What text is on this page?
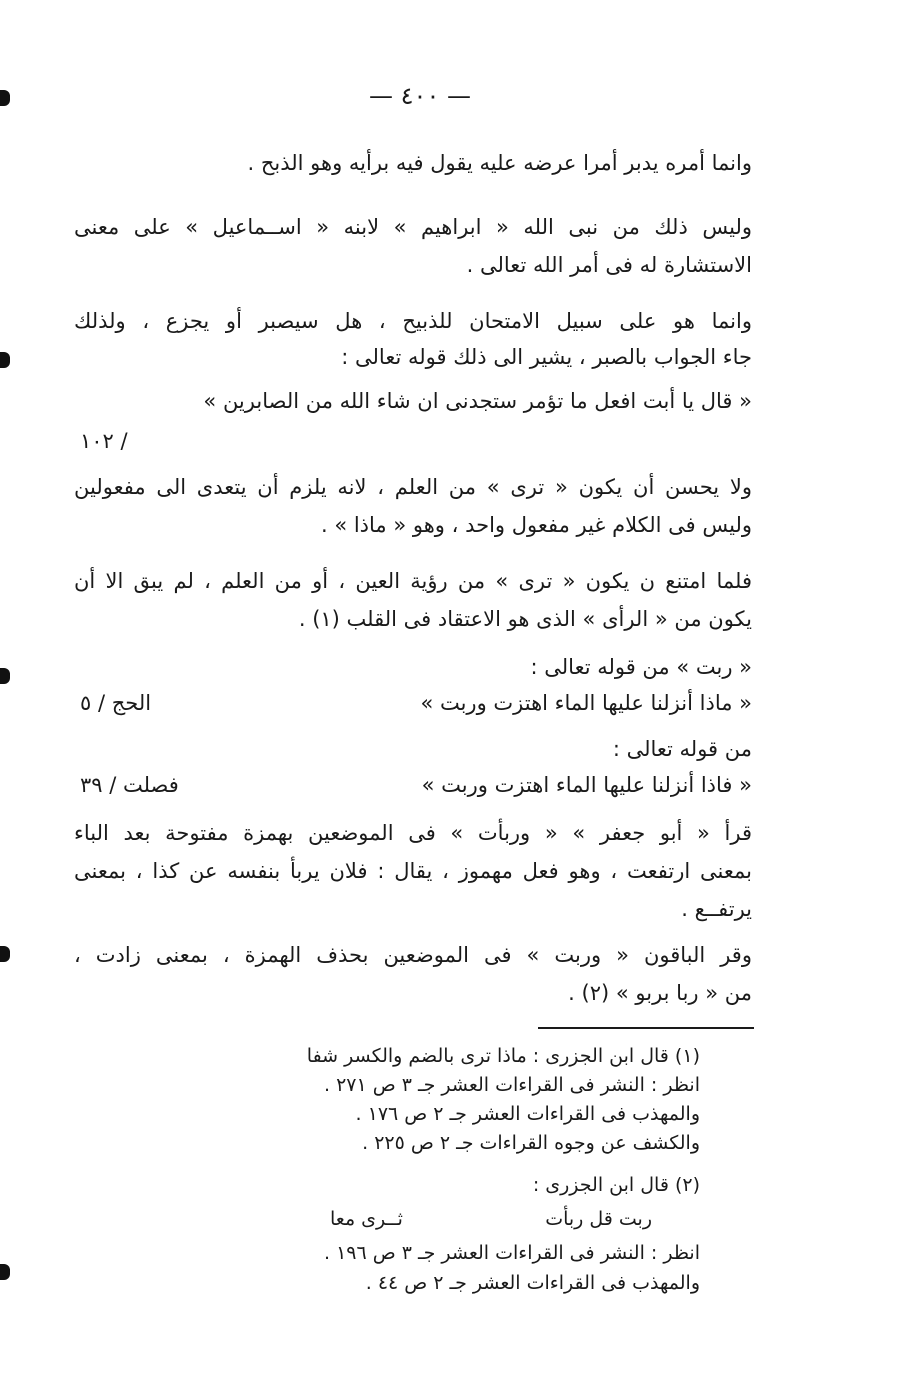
— ٤٠٠ —
وانما أمره يدبر أمرا عرضه عليه يقول فيه برأيه وهو الذبح .
وليس ذلك من نبى الله « ابراهيم » لابنه « اســماعيل » على معنى
الاستشارة له فى أمر الله تعالى .
وانما هو على سبيل الامتحان للذبيح ، هل سيصبر أو يجزع ، ولذلك
جاء الجواب بالصبر ، يشير الى ذلك قوله تعالى :
« قال يا أبت افعل ما تؤمر ستجدنى ان شاء الله من الصابرين »
/ ١٠٢
ولا يحسن أن يكون « ترى » من العلم ، لانه يلزم أن يتعدى الى مفعولين
وليس فى الكلام غير مفعول واحد ، وهو « ماذا » .
فلما امتنع ن يكون « ترى » من رؤية العين ، أو من العلم ، لم يبق الا أن
يكون من « الرأى » الذى هو الاعتقاد فى القلب (١) .
« ربت » من قوله تعالى :
« ماذا أنزلنا عليها الماء اهتزت وربت »
الحج / ٥
من قوله تعالى :
« فاذا أنزلنا عليها الماء اهتزت وربت »
فصلت / ٣٩
قرأ « أبو جعفر » « وربأت » فى الموضعين بهمزة مفتوحة بعد الباء
بمعنى ارتفعت ، وهو فعل مهموز ، يقال : فلان يربأ بنفسه عن كذا ، بمعنى
يرتفــع .
وقر الباقون « وربت » فى الموضعين بحذف الهمزة ، بمعنى زادت ،
من « ربا بربو » (٢) .
(١) قال ابن الجزرى : ماذا ترى بالضم والكسر شفا
انظر : النشر فى القراءات العشر جـ ٣ ص ٢٧١ .
والمهذب فى القراءات العشر جـ ٢ ص ١٧٦ .
والكشف عن وجوه القراءات جـ ٢ ص ٢٢٥ .
(٢) قال ابن الجزرى :
ربت قل ربأت
ثــرى معا
انظر : النشر فى القراءات العشر جـ ٣ ص ١٩٦ .
والمهذب فى القراءات العشر جـ ٢ ص ٤٤ .
